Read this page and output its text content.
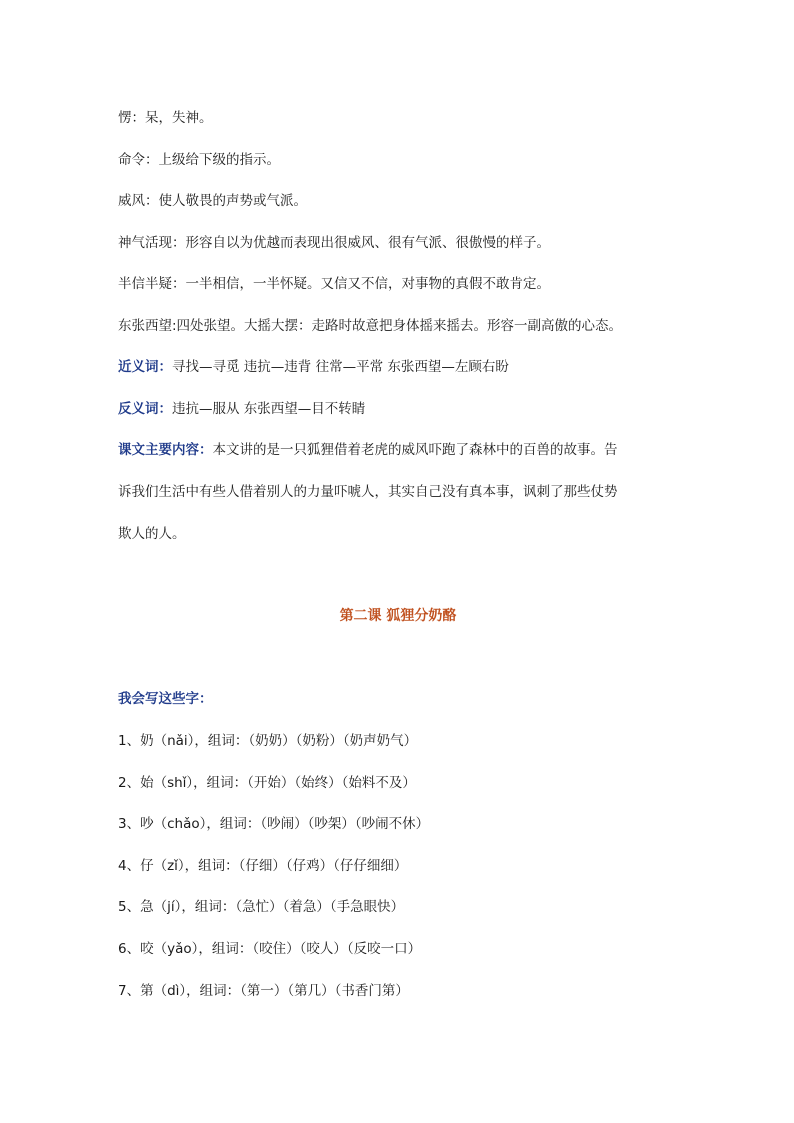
愣：呆，失神。
命令：上级给下级的指示。
威风：使人敬畏的声势或气派。
神气活现：形容自以为优越而表现出很威风、很有气派、很傲慢的样子。
半信半疑：一半相信，一半怀疑。又信又不信，对事物的真假不敢肯定。
东张西望:四处张望。大摇大摆：走路时故意把身体摇来摇去。形容一副高傲的心态。
近义词：寻找—寻觅 违抗—违背 往常—平常 东张西望—左顾右盼
反义词：违抗—服从 东张西望—目不转睛
课文主要内容：本文讲的是一只狐狸借着老虎的威风吓跑了森林中的百兽的故事。告
诉我们生活中有些人借着别人的力量吓唬人，其实自己没有真本事，讽刺了那些仗势
欺人的人。
第二课 狐狸分奶酪
我会写这些字：
1、奶（nǎi），组词：（奶奶）（奶粉）（奶声奶气）
2、始（shǐ），组词：（开始）（始终）（始料不及）
3、吵（chǎo），组词：（吵闹）（吵架）（吵闹不休）
4、仔（zǐ），组词：（仔细）（仔鸡）（仔仔细细）
5、急（jí），组词：（急忙）（着急）（手急眼快）
6、咬（yǎo），组词：（咬住）（咬人）（反咬一口）
7、第（dì），组词：（第一）（第几）（书香门第）
